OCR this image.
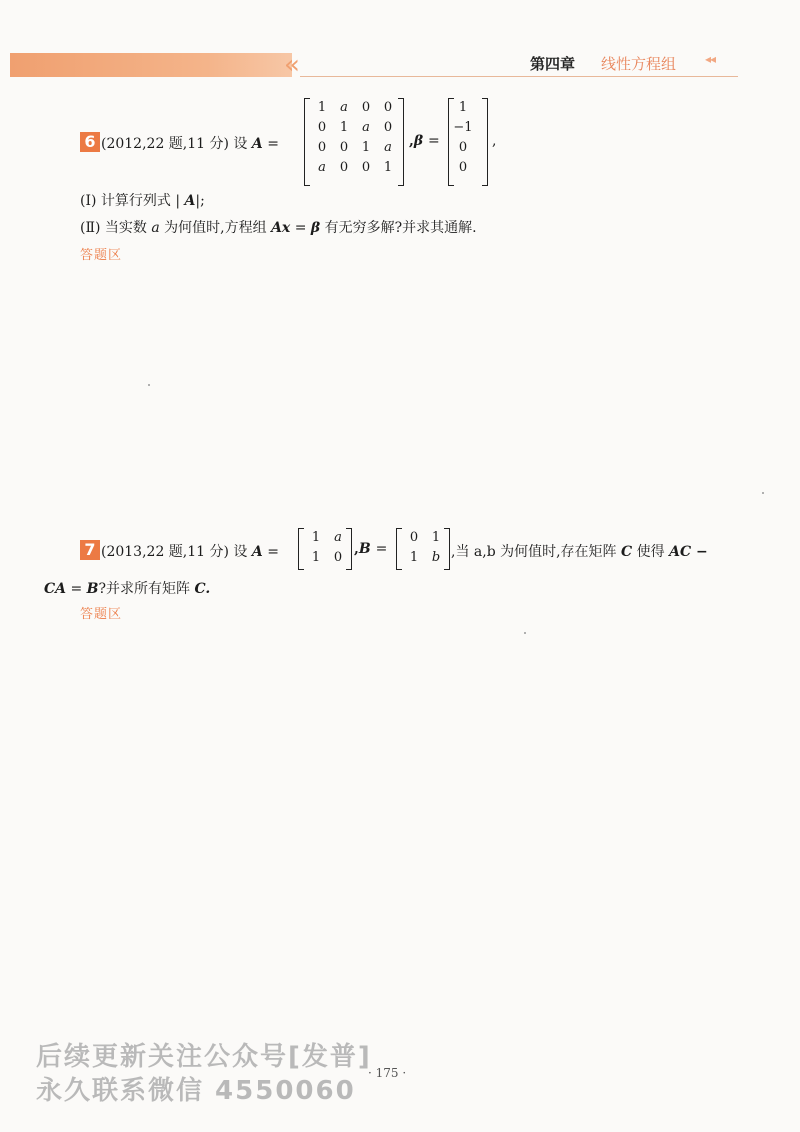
«	第四章 线性方程组 ◂◂
6 (2012,22 题,11 分) 设 A =
1	a	0	0
0	1	a	0
0	0	1	a
a	0	0	1
,β =
1
−1
0
0
,
(Ⅰ) 计算行列式 | A|;
(Ⅱ) 当实数 a 为何值时,方程组 Ax = β 有无穷多解?并求其通解.
答题区
7 (2013,22 题,11 分) 设 A =
1	a
1	0
,B =
0	1
1	b ,当 a,b 为何值时,存在矩阵 C 使得 AC −
CA = B?并求所有矩阵 C.
答题区
· 175 ·
后续更新关注公众号[发普]
永久联系微信 4550060
